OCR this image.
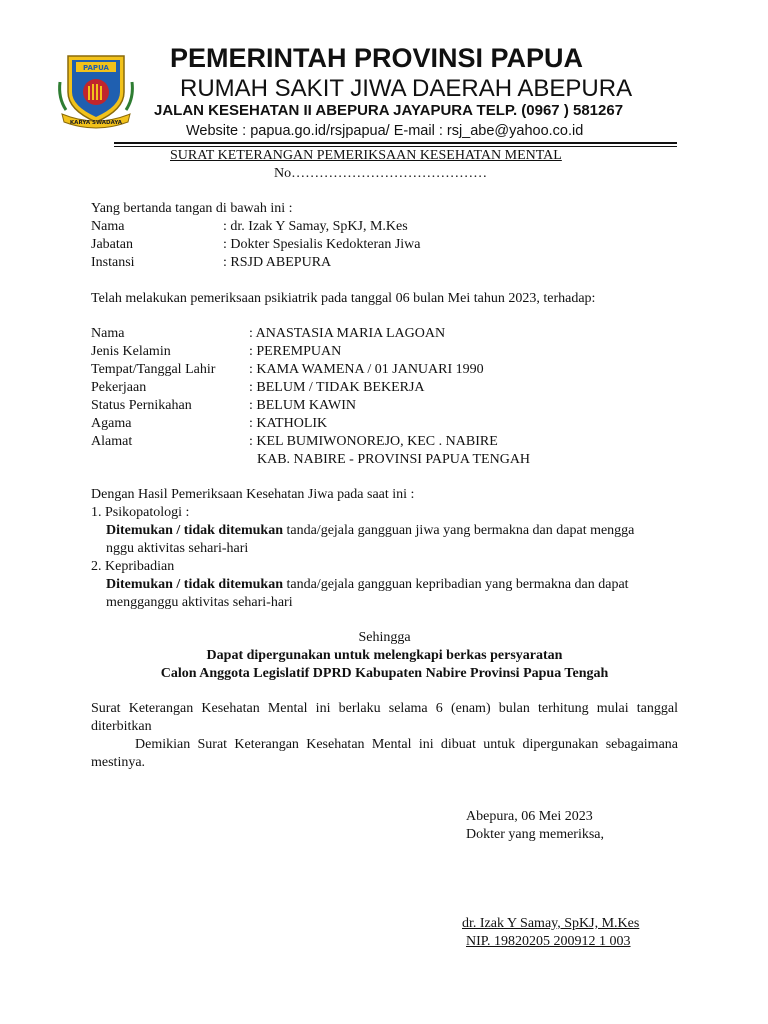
PAPUA
KARYA SWADAYA
PEMERINTAH PROVINSI PAPUA
RUMAH SAKIT JIWA DAERAH ABEPURA
JALAN KESEHATAN II ABEPURA JAYAPURA TELP. (0967 ) 581267
Website : papua.go.id/rsjpapua/ E-mail : rsj_abe@yahoo.co.id
SURAT KETERANGAN PEMERIKSAAN KESEHATAN MENTAL
No……………………………………
Yang bertanda tangan di bawah ini :
Nama	: dr. Izak Y Samay, SpKJ, M.Kes
Jabatan	: Dokter Spesialis Kedokteran Jiwa
Instansi	: RSJD ABEPURA
Telah melakukan pemeriksaan psikiatrik pada tanggal 06 bulan Mei tahun 2023, terhadap:
Nama	: ANASTASIA MARIA LAGOAN
Jenis Kelamin	: PEREMPUAN
Tempat/Tanggal Lahir : KAMA WAMENA / 01 JANUARI 1990
Pekerjaan	: BELUM / TIDAK BEKERJA
Status Pernikahan	: BELUM KAWIN
Agama	: KATHOLIK
Alamat	: KEL BUMIWONOREJO, KEC . NABIRE
KAB. NABIRE - PROVINSI PAPUA TENGAH
Dengan Hasil Pemeriksaan Kesehatan Jiwa pada saat ini :
1. Psikopatologi :
Ditemukan / tidak ditemukan tanda/gejala gangguan jiwa yang bermakna dan dapat mengga
nggu aktivitas sehari-hari
2. Kepribadian
Ditemukan / tidak ditemukan tanda/gejala gangguan kepribadian yang bermakna dan dapat
mengganggu aktivitas sehari-hari
Sehingga
Dapat dipergunakan untuk melengkapi berkas persyaratan
Calon Anggota Legislatif DPRD Kabupaten Nabire Provinsi Papua Tengah
Surat Keterangan Kesehatan Mental ini berlaku selama 6 (enam) bulan terhitung mulai tanggal diterbitkan
Demikian Surat Keterangan Kesehatan Mental ini dibuat untuk dipergunakan sebagaimana mestinya.
Abepura, 06 Mei 2023
Dokter yang memeriksa,
dr. Izak Y Samay, SpKJ, M.Kes
NIP. 19820205 200912 1 003
